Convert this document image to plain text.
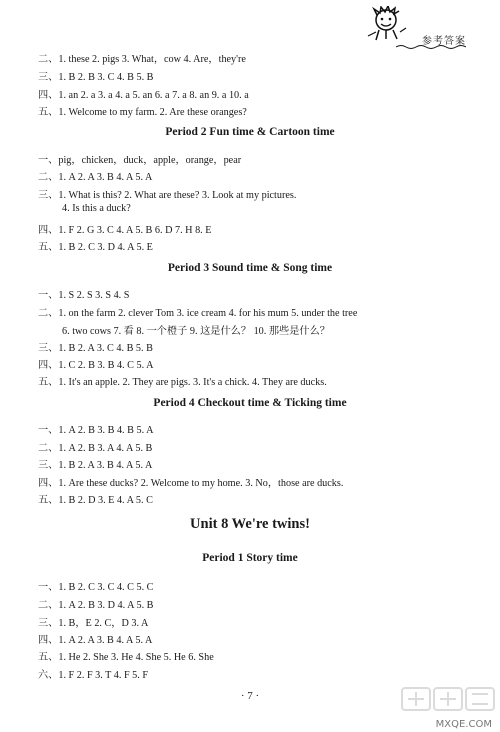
参考答案
二、1. these 2. pigs 3. What，cow 4. Are，they're
三、1. B 2. B 3. C 4. B 5. B
四、1. an 2. a 3. a 4. a 5. an 6. a 7. a 8. an 9. a 10. a
五、1. Welcome to my farm. 2. Are these oranges?
Period 2 Fun time & Cartoon time
一、pig，chicken，duck，apple，orange，pear
二、1. A 2. A 3. B 4. A 5. A
三、1. What is this? 2. What are these? 3. Look at my pictures.
4. Is this a duck?
四、1. F 2. G 3. C 4. A 5. B 6. D 7. H 8. E
五、1. B 2. C 3. D 4. A 5. E
Period 3 Sound time & Song time
一、1. S 2. S 3. S 4. S
二、1. on the farm 2. clever Tom 3. ice cream 4. for his mum 5. under the tree
6. two cows 7. 看 8. 一个橙子 9. 这是什么？ 10. 那些是什么？
三、1. B 2. A 3. C 4. B 5. B
四、1. C 2. B 3. B 4. C 5. A
五、1. It's an apple. 2. They are pigs. 3. It's a chick. 4. They are ducks.
Period 4 Checkout time & Ticking time
一、1. A 2. B 3. B 4. B 5. A
二、1. A 2. B 3. A 4. A 5. B
三、1. B 2. A 3. B 4. A 5. A
四、1. Are these ducks? 2. Welcome to my home. 3. No，those are ducks.
五、1. B 2. D 3. E 4. A 5. C
Unit 8 We're twins!
Period 1 Story time
一、1. B 2. C 3. C 4. C 5. C
二、1. A 2. B 3. D 4. A 5. B
三、1. B，E 2. C，D 3. A
四、1. A 2. A 3. B 4. A 5. A
五、1. He 2. She 3. He 4. She 5. He 6. She
六、1. F 2. F 3. T 4. F 5. F
· 7 ·
MXQE.COM
